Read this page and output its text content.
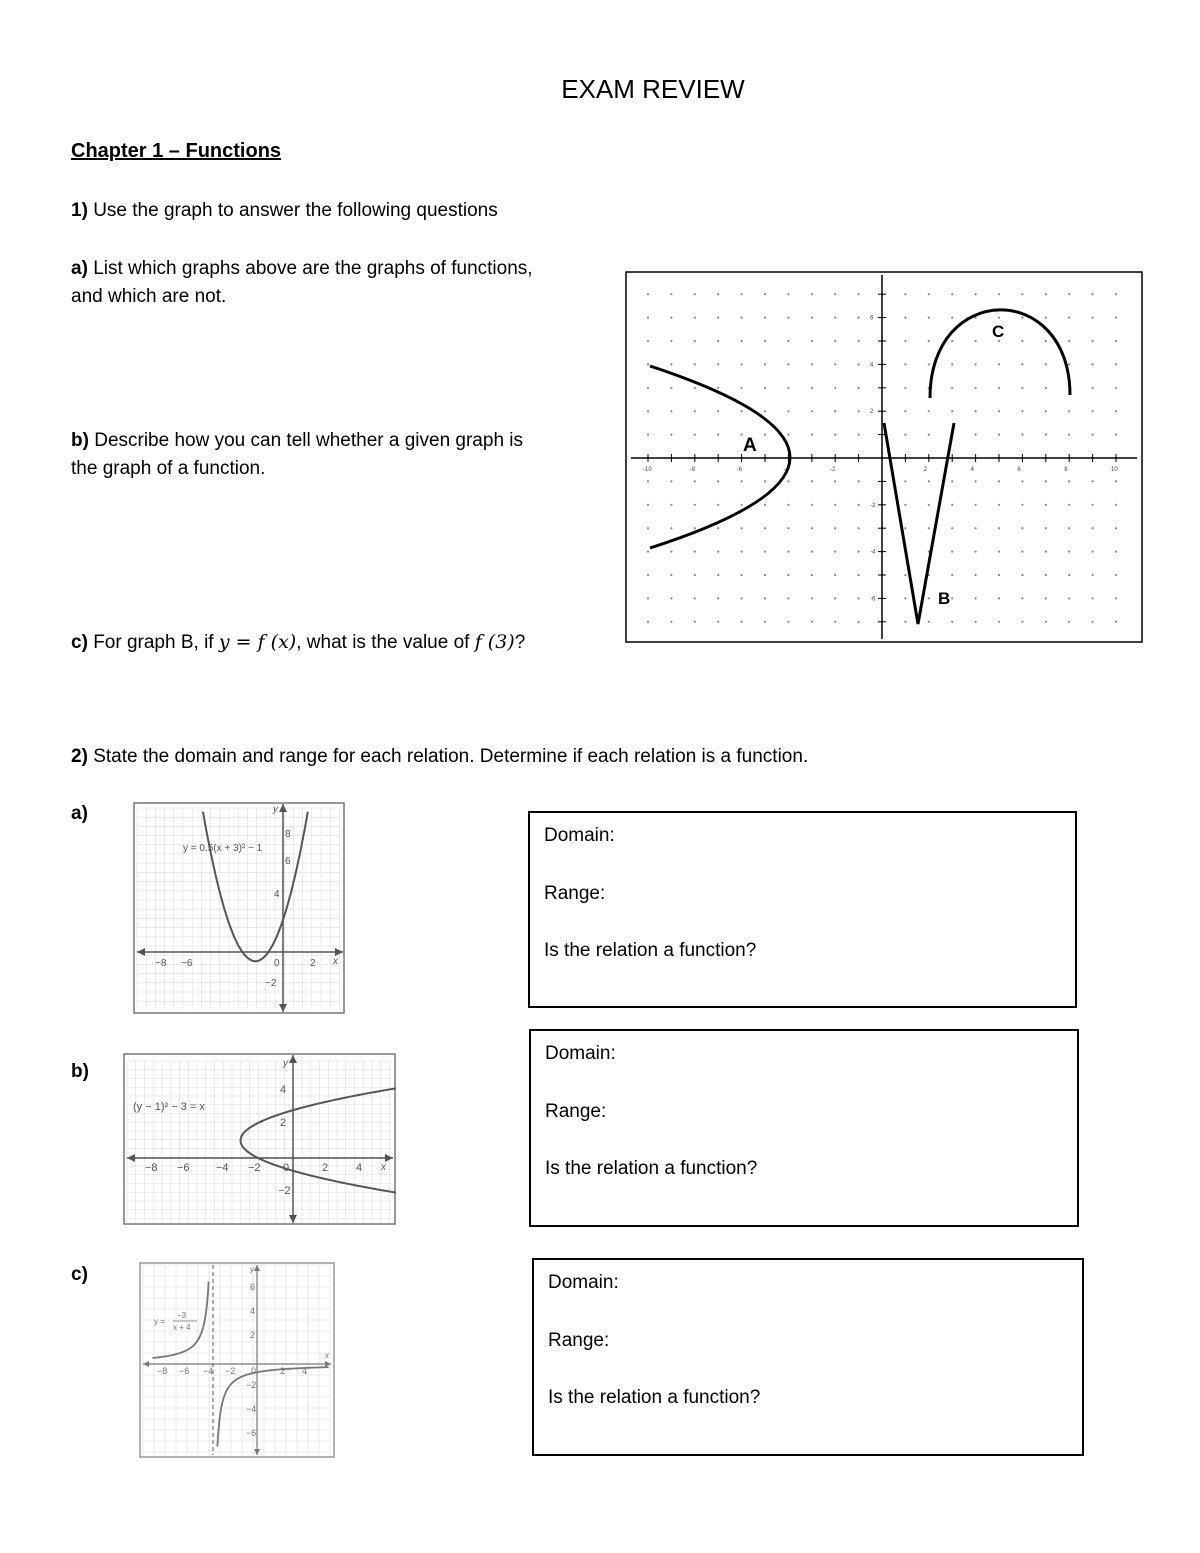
EXAM REVIEW
Chapter 1 – Functions
1) Use the graph to answer the following questions
a) List which graphs above are the graphs of functions,
and which are not.
b) Describe how you can tell whether a given graph is
the graph of a function.
c) For graph B, if y = f (x), what is the value of f (3)?
-10	-8	-6	-4	-2	2	4	6	8	10
6
4
2
-2
-4
-6
A
B
C
2) State the domain and range for each relation. Determine if each relation is a function.
a)
y = 0.5(x + 3)² − 1
y
x
−8 −6	0	2
8
6
4
−2
Domain:
Range:
Is the relation a function?
b)
(y − 1)² − 3 = x
y
x
−8 −6 −4 −2 0	2	4
4
2
−2
Domain:
Range:
Is the relation a function?
c)
y =
−3
x + 4
y
x
−8 −6 −4 −2 0	2 4
6
4
2
−2
−4
−6
Domain:
Range:
Is the relation a function?
